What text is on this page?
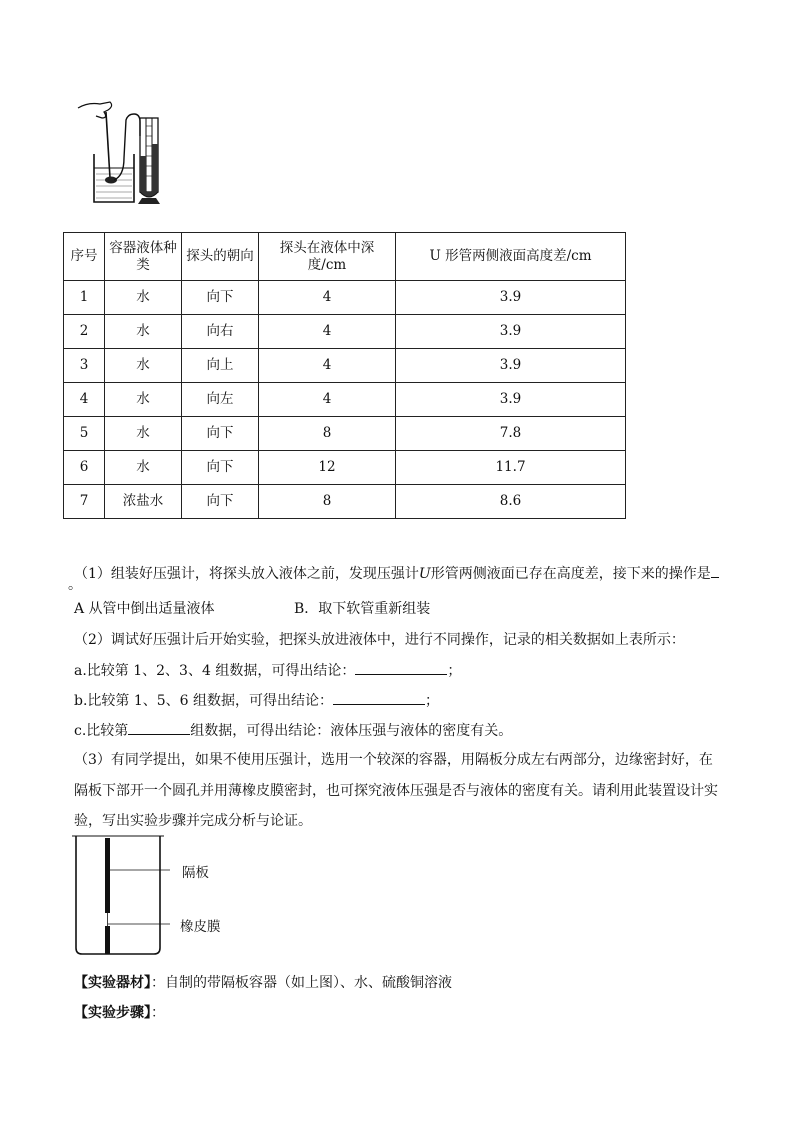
序号	容器液体种类	探头的朝向	探头在液体中深度/cm	U 形管两侧液面高度差/cm
1	水	向下	4	3.9
2	水	向右	4	3.9
3	水	向上	4	3.9
4	水	向左	4	3.9
5	水	向下	8	7.8
6	水	向下	12	11.7
7	浓盐水	向下	8	8.6
（1）组装好压强计，将探头放入液体之前，发现压强计U形管两侧液面已存在高度差，接下来的操作是
。
A 从管中倒出适量液体	B．取下软管重新组装
（2）调试好压强计后开始实验，把探头放进液体中，进行不同操作，记录的相关数据如上表所示：
a.比较第 1、2、3、4 组数据，可得出结论：	；
b.比较第 1、5、6 组数据，可得出结论：	；
c.比较第	组数据，可得出结论：液体压强与液体的密度有关。
（3）有同学提出，如果不使用压强计，选用一个较深的容器，用隔板分成左右两部分，边缘密封好，在
隔板下部开一个圆孔并用薄橡皮膜密封，也可探究液体压强是否与液体的密度有关。请利用此装置设计实
验，写出实验步骤并完成分析与论证。
隔板
橡皮膜
【实验器材】：自制的带隔板容器（如上图）、水、硫酸铜溶液
【实验步骤】：
